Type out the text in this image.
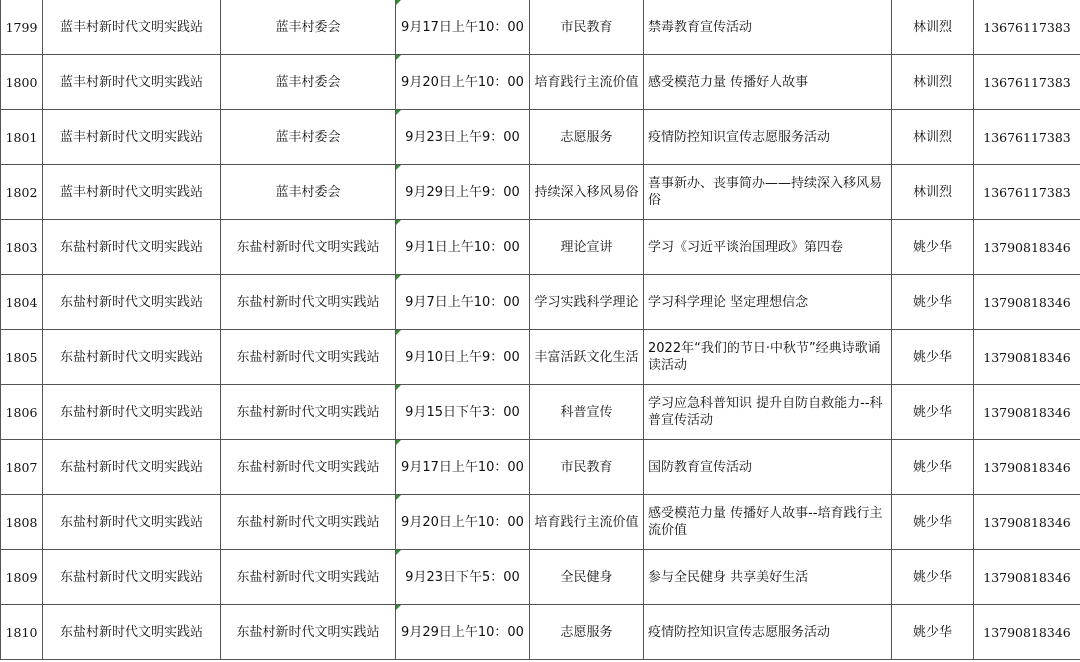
1799	蓝丰村新时代文明实践站	蓝丰村委会	9月17日上午10：00	市民教育	禁毒教育宣传活动	林训烈	13676117383
1800	蓝丰村新时代文明实践站	蓝丰村委会	9月20日上午10：00	培育践行主流价值	感受模范力量 传播好人故事	林训烈	13676117383
1801	蓝丰村新时代文明实践站	蓝丰村委会	9月23日上午9：00	志愿服务	疫情防控知识宣传志愿服务活动	林训烈	13676117383
1802	蓝丰村新时代文明实践站	蓝丰村委会	9月29日上午9：00	持续深入移风易俗	喜事新办、丧事简办——持续深入移风易俗	林训烈	13676117383
1803	东盐村新时代文明实践站	东盐村新时代文明实践站	9月1日上午10：00	理论宣讲	学习《习近平谈治国理政》第四卷	姚少华	13790818346
1804	东盐村新时代文明实践站	东盐村新时代文明实践站	9月7日上午10：00	学习实践科学理论	学习科学理论 坚定理想信念	姚少华	13790818346
1805	东盐村新时代文明实践站	东盐村新时代文明实践站	9月10日上午9：00	丰富活跃文化生活	2022年“我们的节日·中秋节”经典诗歌诵读活动	姚少华	13790818346
1806	东盐村新时代文明实践站	东盐村新时代文明实践站	9月15日下午3：00	科普宣传	学习应急科普知识 提升自防自救能力--科普宣传活动	姚少华	13790818346
1807	东盐村新时代文明实践站	东盐村新时代文明实践站	9月17日上午10：00	市民教育	国防教育宣传活动	姚少华	13790818346
1808	东盐村新时代文明实践站	东盐村新时代文明实践站	9月20日上午10：00	培育践行主流价值	感受模范力量 传播好人故事--培育践行主流价值	姚少华	13790818346
1809	东盐村新时代文明实践站	东盐村新时代文明实践站	9月23日下午5：00	全民健身	参与全民健身 共享美好生活	姚少华	13790818346
1810	东盐村新时代文明实践站	东盐村新时代文明实践站	9月29日上午10：00	志愿服务	疫情防控知识宣传志愿服务活动	姚少华	13790818346
